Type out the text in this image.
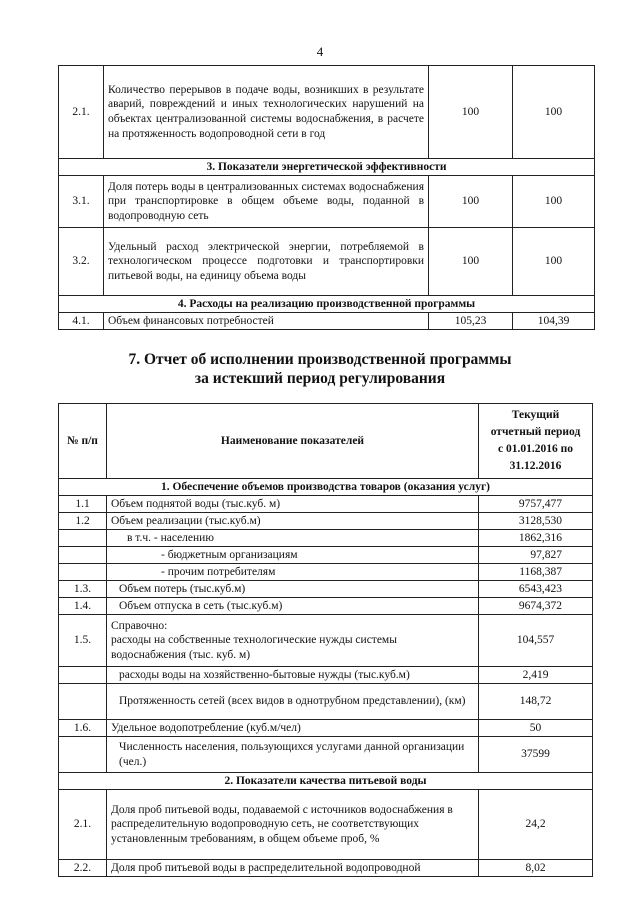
4
2.1.	Количество перерывов в подаче воды, возникших в результате аварий, повреждений и иных технологических нарушений на объектах централизованной системы водоснабжения, в расчете на протяженность водопроводной сети в год	100	100
3. Показатели энергетической эффективности			
3.1.	Доля потерь воды в централизованных системах водоснабжения при транспортировке в общем объеме воды, поданной в водопроводную сеть	100	100
3.2.	Удельный расход электрической энергии, потребляемой в технологическом процессе подготовки и транспортировки питьевой воды, на единицу объема воды	100	100
4. Расходы на реализацию производственной программы			
4.1.	Объем финансовых потребностей	105,23	104,39
7. Отчет об исполнении производственной программы
за истекший период регулирования
№ п/п	Наименование показателей	Текущий
отчетный период
с 01.01.2016 по
31.12.2016

1. Обеспечение объемов производства товаров (оказания услуг)		
1.1	Объем поднятой воды (тыс.куб. м)	9757,477
1.2	Объем реализации (тыс.куб.м)	3128,530
	в т.ч. - населению	1862,316
	- бюджетным организациям	97,827
	- прочим потребителям	1168,387
1.3.	Объем потерь (тыс.куб.м)	6543,423
1.4.	Объем отпуска в сеть (тыс.куб.м)	9674,372
1.5.	Справочно:
расходы на собственные технологические нужды системы водоснабжения (тыс. куб. м)	104,557
	расходы воды на хозяйственно-бытовые нужды (тыс.куб.м)	2,419
	Протяженность сетей (всех видов в однотрубном представлении), (км)	148,72
1.6.	Удельное водопотребление (куб.м/чел)	50
	Численность населения, пользующихся услугами данной организации (чел.)	37599
2. Показатели качества питьевой воды		
2.1.	Доля проб питьевой воды, подаваемой с источников водоснабжения в распределительную водопроводную сеть, не соответствующих установленным требованиям, в общем объеме проб, %	24,2
2.2.	Доля проб питьевой воды в распределительной водопроводной	8,02
